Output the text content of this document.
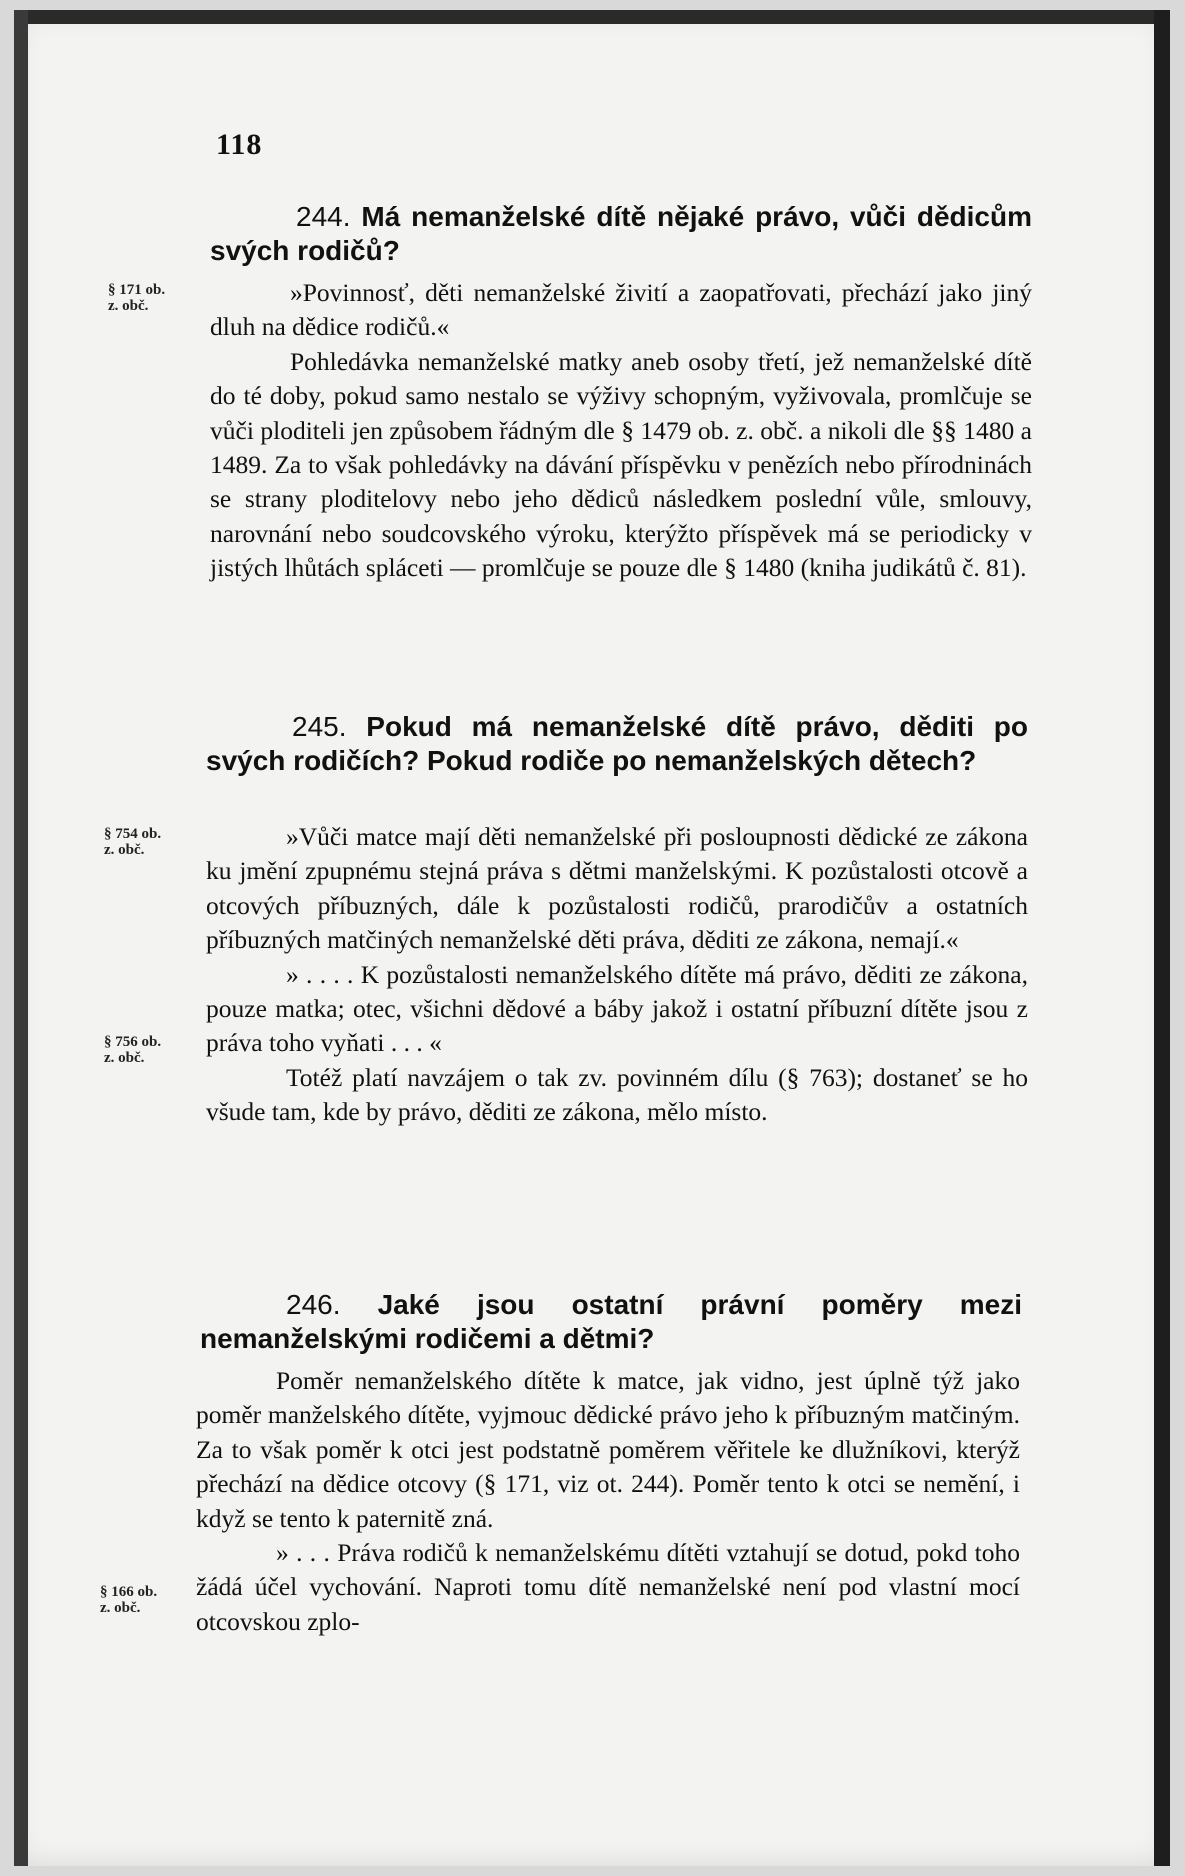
118

244. Má nemanželské dítě nějaké právo, vůči dědicům svých rodičů?

§ 171 ob.
z. obč.	»Povinnosť, děti nemanželské živití a zaopatřovati, přechází jako jiný dluh na dědice rodičů.«

Pohledávka nemanželské matky aneb osoby třetí, jež nemanželské dítě do té doby, pokud samo nestalo se výživy schopným, vyživovala, promlčuje se vůči ploditeli jen způsobem řádným dle § 1479 ob. z. obč. a nikoli dle §§ 1480 a 1489. Za to však pohledávky na dávání příspěvku v penězích nebo přírodninách se strany ploditelovy nebo jeho dědiců následkem poslední vůle, smlouvy, narovnání nebo soudcovského výroku, kterýžto příspěvek má se periodicky v jistých lhůtách spláceti — promlčuje se pouze dle § 1480 (kniha judikátů č. 81).

245. Pokud má nemanželské dítě právo, děditi po svých rodičích? Pokud rodiče po nemanželských dětech?

§ 754 ob.
z. obč.
§ 756 ob.
z. obč.

»Vůči matce mají děti nemanželské při posloupnosti dědické ze zákona ku jmění zpupnému stejná práva s dětmi manželskými. K pozůstalosti otcově a otcových příbuzných, dále k pozůstalosti rodičů, prarodičův a ostatních příbuzných matčiných nemanželské děti práva, děditi ze zákona, nemají.«

» . . . . K pozůstalosti nemanželského dítěte má právo, děditi ze zákona, pouze matka; otec, všichni dědové a báby jakož i ostatní příbuzní dítěte jsou z práva toho vyňati . . . «

Totéž platí navzájem o tak zv. povinném dílu (§ 763); dostaneť se ho všude tam, kde by právo, děditi ze zákona, mělo místo.

246. Jaké jsou ostatní právní poměry mezi nemanželskými rodičemi a dětmi?

§ 166 ob.
z. obč.

Poměr nemanželského dítěte k matce, jak vidno, jest úplně týž jako poměr manželského dítěte, vyjmouc dědické právo jeho k příbuzným matčiným. Za to však poměr k otci jest podstatně poměrem věřitele ke dlužníkovi, kterýž přechází na dědice otcovy (§ 171, viz ot. 244). Poměr tento k otci se nemění, i když se tento k paternitě zná.

» . . . Práva rodičů k nemanželskému dítěti vztahují se dotud, pokd toho žádá účel vychování. Naproti tomu dítě nemanželské není pod vlastní mocí otcovskou zplo-
